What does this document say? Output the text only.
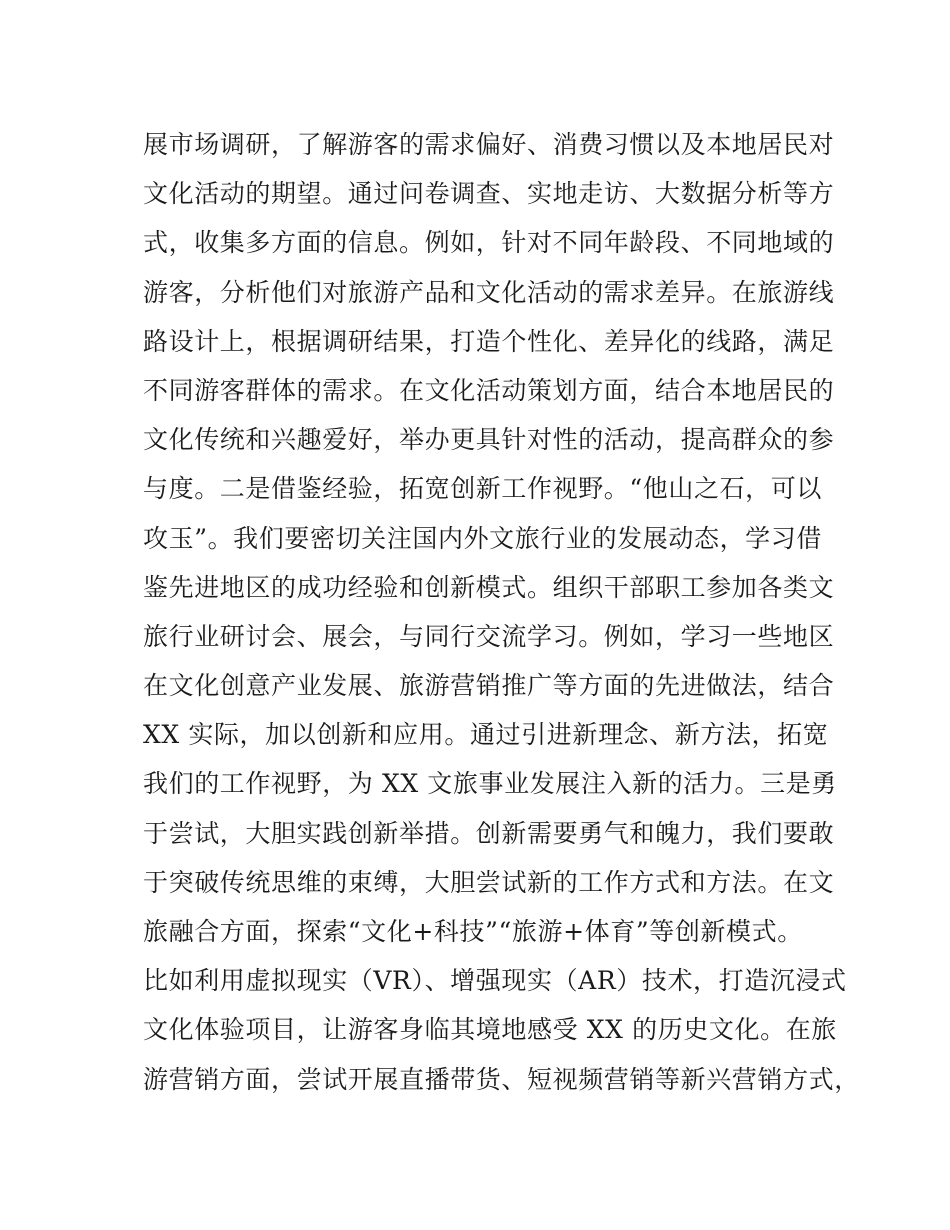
展市场调研，了解游客的需求偏好、消费习惯以及本地居民对
文化活动的期望。通过问卷调查、实地走访、大数据分析等方
式，收集多方面的信息。例如，针对不同年龄段、不同地域的
游客，分析他们对旅游产品和文化活动的需求差异。在旅游线
路设计上，根据调研结果，打造个性化、差异化的线路，满足
不同游客群体的需求。在文化活动策划方面，结合本地居民的
文化传统和兴趣爱好，举办更具针对性的活动，提高群众的参
与度。二是借鉴经验，拓宽创新工作视野。“他山之石，可以
攻玉”。我们要密切关注国内外文旅行业的发展动态，学习借
鉴先进地区的成功经验和创新模式。组织干部职工参加各类文
旅行业研讨会、展会，与同行交流学习。例如，学习一些地区
在文化创意产业发展、旅游营销推广等方面的先进做法，结合
XX 实际，加以创新和应用。通过引进新理念、新方法，拓宽
我们的工作视野，为 XX 文旅事业发展注入新的活力。三是勇
于尝试，大胆实践创新举措。创新需要勇气和魄力，我们要敢
于突破传统思维的束缚，大胆尝试新的工作方式和方法。在文
旅融合方面，探索“文化+科技”“旅游+体育”等创新模式。
比如利用虚拟现实（VR）、增强现实（AR）技术，打造沉浸式
文化体验项目，让游客身临其境地感受 XX 的历史文化。在旅
游营销方面，尝试开展直播带货、短视频营销等新兴营销方式，
